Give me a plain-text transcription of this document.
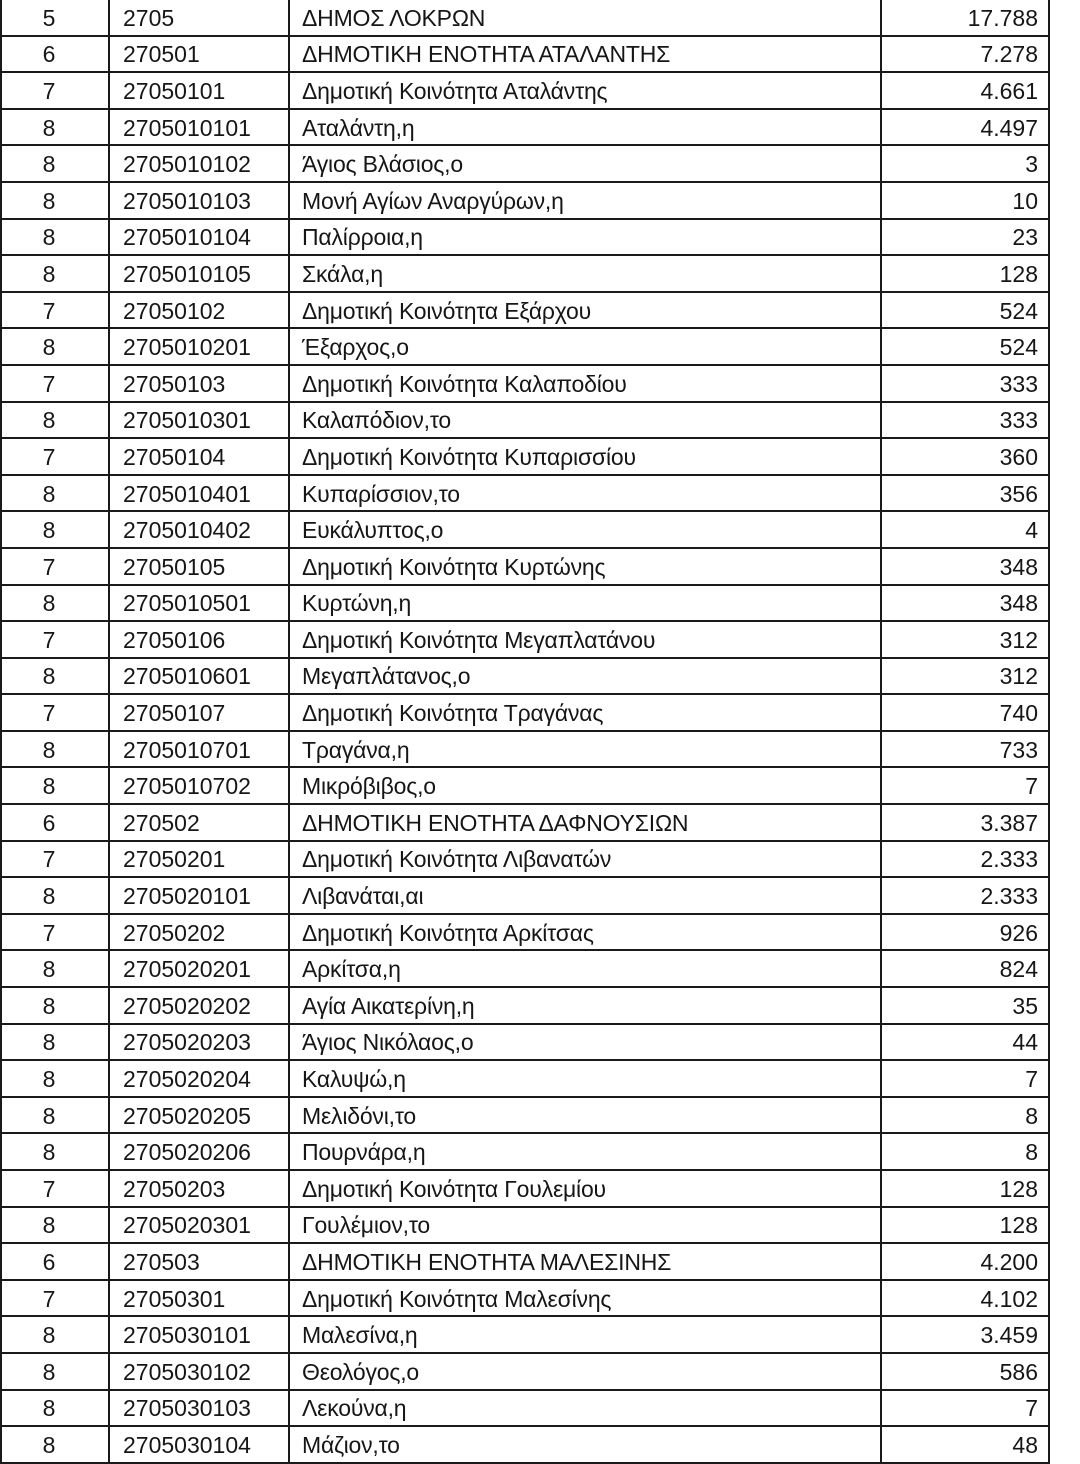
5	2705	ΔΗΜΟΣ ΛΟΚΡΩΝ	17.788
6	270501	ΔΗΜΟΤΙΚΗ ΕΝΟΤΗΤΑ ΑΤΑΛΑΝΤΗΣ	7.278
7	27050101	Δημοτική Κοινότητα Αταλάντης	4.661
8	2705010101	Αταλάντη,η	4.497
8	2705010102	Άγιος Βλάσιος,ο	3
8	2705010103	Μονή Αγίων Αναργύρων,η	10
8	2705010104	Παλίρροια,η	23
8	2705010105	Σκάλα,η	128
7	27050102	Δημοτική Κοινότητα Εξάρχου	524
8	2705010201	Έξαρχος,ο	524
7	27050103	Δημοτική Κοινότητα Καλαποδίου	333
8	2705010301	Καλαπόδιον,το	333
7	27050104	Δημοτική Κοινότητα Κυπαρισσίου	360
8	2705010401	Κυπαρίσσιον,το	356
8	2705010402	Ευκάλυπτος,ο	4
7	27050105	Δημοτική Κοινότητα Κυρτώνης	348
8	2705010501	Κυρτώνη,η	348
7	27050106	Δημοτική Κοινότητα Μεγαπλατάνου	312
8	2705010601	Μεγαπλάτανος,ο	312
7	27050107	Δημοτική Κοινότητα Τραγάνας	740
8	2705010701	Τραγάνα,η	733
8	2705010702	Μικρόβιβος,ο	7
6	270502	ΔΗΜΟΤΙΚΗ ΕΝΟΤΗΤΑ ΔΑΦΝΟΥΣΙΩΝ	3.387
7	27050201	Δημοτική Κοινότητα Λιβανατών	2.333
8	2705020101	Λιβανάται,αι	2.333
7	27050202	Δημοτική Κοινότητα Αρκίτσας	926
8	2705020201	Αρκίτσα,η	824
8	2705020202	Αγία Αικατερίνη,η	35
8	2705020203	Άγιος Νικόλαος,ο	44
8	2705020204	Καλυψώ,η	7
8	2705020205	Μελιδόνι,το	8
8	2705020206	Πουρνάρα,η	8
7	27050203	Δημοτική Κοινότητα Γουλεμίου	128
8	2705020301	Γουλέμιον,το	128
6	270503	ΔΗΜΟΤΙΚΗ ΕΝΟΤΗΤΑ ΜΑΛΕΣΙΝΗΣ	4.200
7	27050301	Δημοτική Κοινότητα Μαλεσίνης	4.102
8	2705030101	Μαλεσίνα,η	3.459
8	2705030102	Θεολόγος,ο	586
8	2705030103	Λεκούνα,η	7
8	2705030104	Μάζιον,το	48
